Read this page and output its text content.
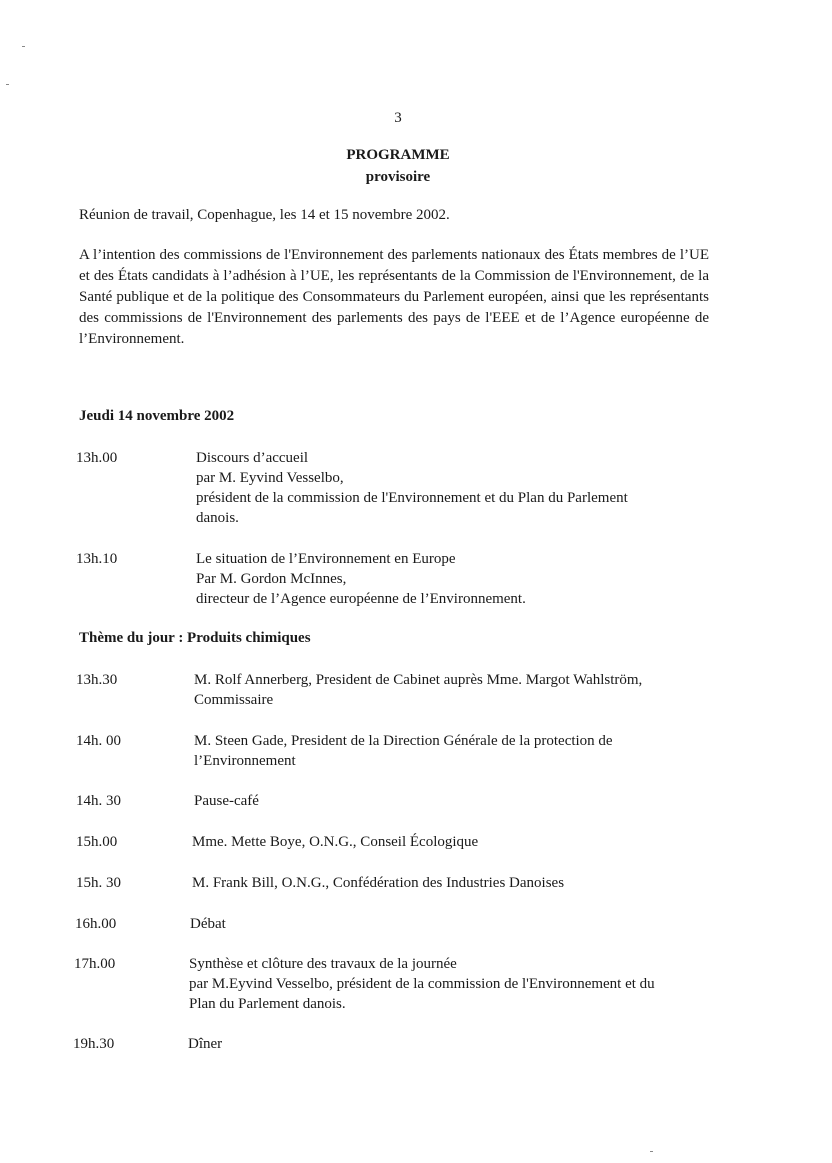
3
PROGRAMME
provisoire
Réunion de travail, Copenhague, les 14 et 15 novembre 2002.
A l’intention des commissions de l'Environnement des parlements nationaux des États membres de l’UE et des États candidats à l’adhésion à l’UE, les représentants de la Commission de l'Environnement, de la Santé publique et de la politique des Consommateurs du Parlement européen, ainsi que les représentants des commissions de l'Environnement des parlements des pays de l'EEE et de l’Agence européenne de l’Environnement.
Jeudi 14 novembre 2002
13h.00	Discours d’accueil
par M. Eyvind Vesselbo,
président de la commission de l'Environnement et du Plan du Parlement
danois.
13h.10	Le situation de l’Environnement en Europe
Par M. Gordon McInnes,
directeur de l’Agence européenne de l’Environnement.
Thème du jour : Produits chimiques
13h.30	M. Rolf Annerberg, President de Cabinet auprès Mme. Margot Wahlström,
Commissaire
14h. 00	M. Steen Gade, President de la Direction Générale de la protection de
l’Environnement
14h. 30	Pause-café
15h.00	Mme. Mette Boye, O.N.G., Conseil Écologique
15h. 30	M. Frank Bill, O.N.G., Confédération des Industries Danoises
16h.00	Débat
17h.00	Synthèse et clôture des travaux de la journée
par M.Eyvind Vesselbo, président de la commission de l'Environnement et du
Plan du Parlement danois.
19h.30	Dîner
